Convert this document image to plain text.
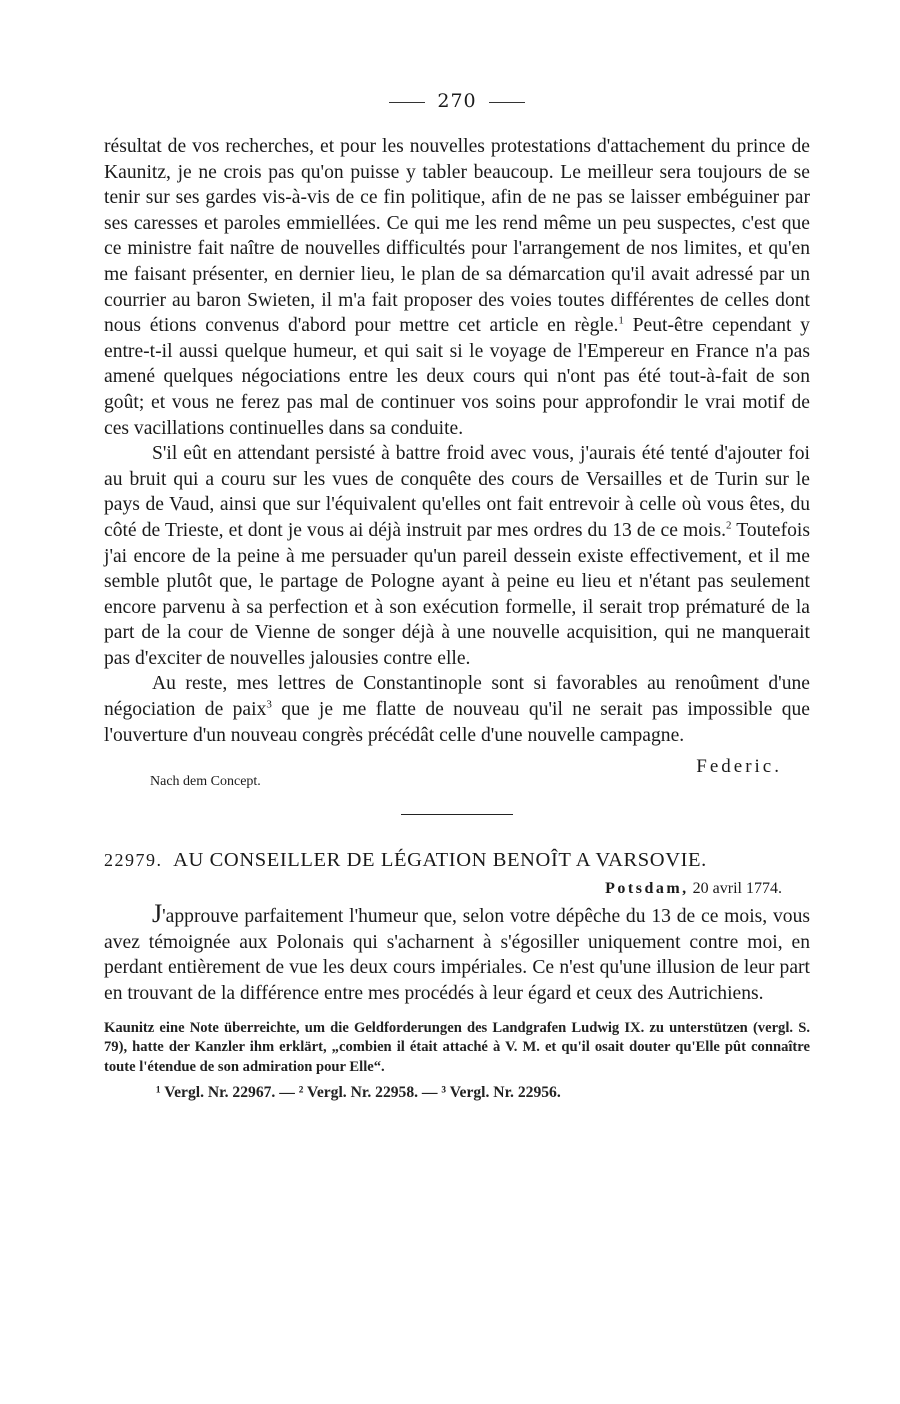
270

résultat de vos recherches, et pour les nouvelles protestations d'attachement du prince de Kaunitz, je ne crois pas qu'on puisse y tabler beaucoup. Le meilleur sera toujours de se tenir sur ses gardes vis-à-vis de ce fin politique, afin de ne pas se laisser embéguiner par ses caresses et paroles emmiellées. Ce qui me les rend même un peu suspectes, c'est que ce ministre fait naître de nouvelles difficultés pour l'arrangement de nos limites, et qu'en me faisant présenter, en dernier lieu, le plan de sa démarcation qu'il avait adressé par un courrier au baron Swieten, il m'a fait proposer des voies toutes différentes de celles dont nous étions convenus d'abord pour mettre cet article en règle.$^1$ Peut-être cependant y entre-t-il aussi quelque humeur, et qui sait si le voyage de l'Empereur en France n'a pas amené quelques négociations entre les deux cours qui n'ont pas été tout-à-fait de son goût; et vous ne ferez pas mal de continuer vos soins pour approfondir le vrai motif de ces vacillations continuelles dans sa conduite.

S'il eût en attendant persisté à battre froid avec vous, j'aurais été tenté d'ajouter foi au bruit qui a couru sur les vues de conquête des cours de Versailles et de Turin sur le pays de Vaud, ainsi que sur l'équivalent qu'elles ont fait entrevoir à celle où vous êtes, du côté de Trieste, et dont je vous ai déjà instruit par mes ordres du 13 de ce mois.$^2$ Toutefois j'ai encore de la peine à me persuader qu'un pareil dessein existe effectivement, et il me semble plutôt que, le partage de Pologne ayant à peine eu lieu et n'étant pas seulement encore parvenu à sa perfection et à son exécution formelle, il serait trop prématuré de la part de la cour de Vienne de songer déjà à une nouvelle acquisition, qui ne manquerait pas d'exciter de nouvelles jalousies contre elle.

Au reste, mes lettres de Constantinople sont si favorables au renoûment d'une négociation de paix$^3$ que je me flatte de nouveau qu'il ne serait pas impossible que l'ouverture d'un nouveau congrès précédât celle d'une nouvelle campagne.

Nach dem Concept.
Federic.
22979. AU CONSEILLER DE LÉGATION BENOÎT A VARSOVIE.
Potsdam, 20 avril 1774.

J'approuve parfaitement l'humeur que, selon votre dépêche du 13 de ce mois, vous avez témoignée aux Polonais qui s'acharnent à s'égosiller uniquement contre moi, en perdant entièrement de vue les deux cours impériales. Ce n'est qu'une illusion de leur part en trouvant de la différence entre mes procédés à leur égard et ceux des Autrichiens.

Kaunitz eine Note überreichte, um die Geldforderungen des Landgrafen Ludwig IX. zu unterstützen (vergl. S. 79), hatte der Kanzler ihm erklärt, „combien il était attaché à V. M. et qu'il osait douter qu'Elle pût connaître toute l'étendue de son admiration pour Elle“.
¹ Vergl. Nr. 22967. — ² Vergl. Nr. 22958. — ³ Vergl. Nr. 22956.
